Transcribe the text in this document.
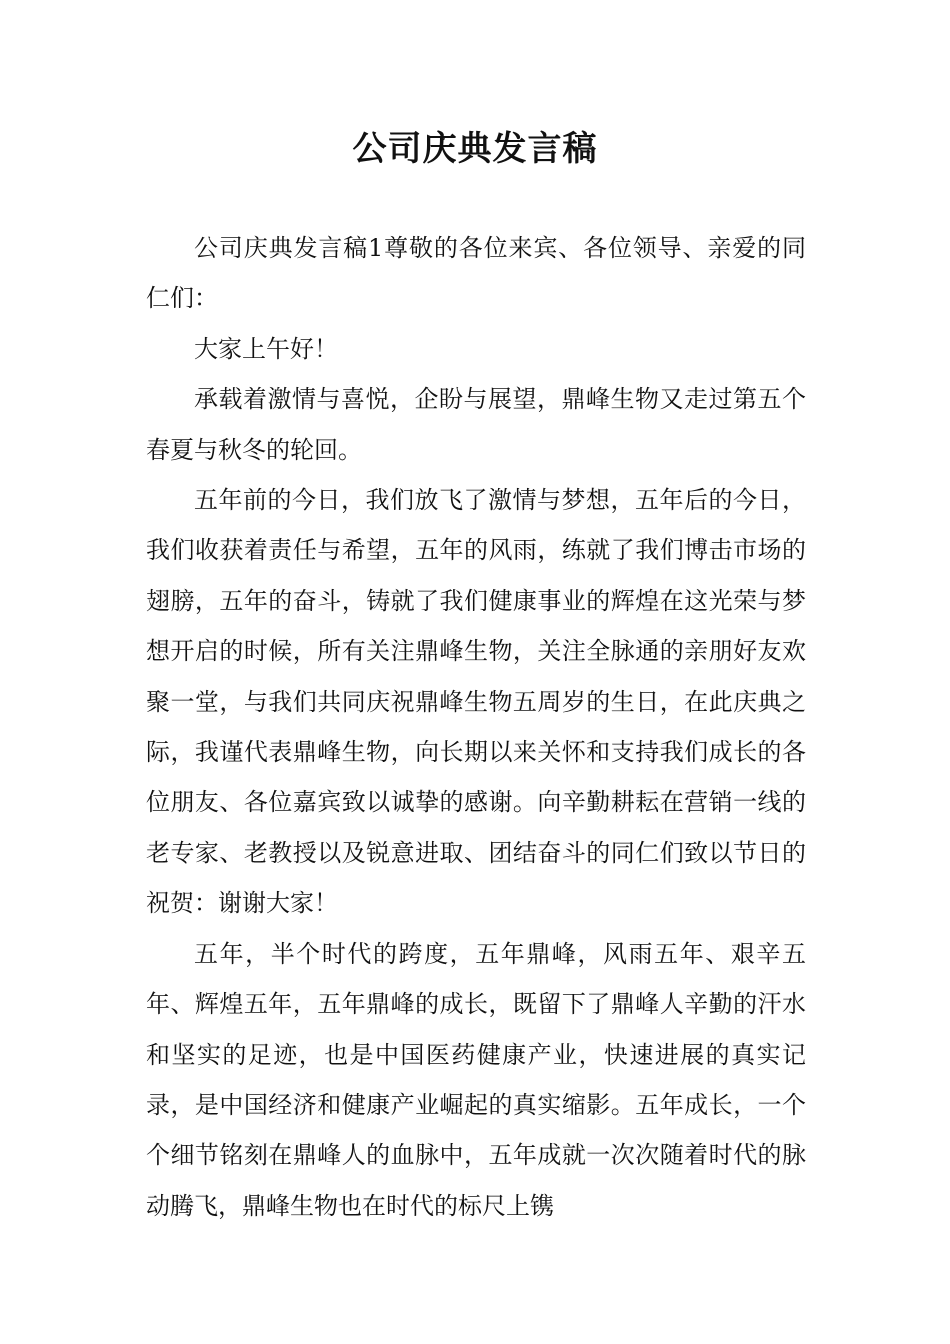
公司庆典发言稿

公司庆典发言稿1尊敬的各位来宾、各位领导、亲爱的同仁们：

大家上午好！

承载着激情与喜悦，企盼与展望，鼎峰生物又走过第五个春夏与秋冬的轮回。

五年前的今日，我们放飞了激情与梦想，五年后的今日，我们收获着责任与希望，五年的风雨，练就了我们博击市场的翅膀，五年的奋斗，铸就了我们健康事业的辉煌在这光荣与梦想开启的时候，所有关注鼎峰生物，关注全脉通的亲朋好友欢聚一堂，与我们共同庆祝鼎峰生物五周岁的生日，在此庆典之际，我谨代表鼎峰生物，向长期以来关怀和支持我们成长的各位朋友、各位嘉宾致以诚挚的感谢。向辛勤耕耘在营销一线的老专家、老教授以及锐意进取、团结奋斗的同仁们致以节日的祝贺：谢谢大家！

五年，半个时代的跨度，五年鼎峰，风雨五年、艰辛五年、辉煌五年，五年鼎峰的成长，既留下了鼎峰人辛勤的汗水和坚实的足迹，也是中国医药健康产业，快速进展的真实记录，是中国经济和健康产业崛起的真实缩影。五年成长，一个个细节铭刻在鼎峰人的血脉中，五年成就一次次随着时代的脉动腾飞，鼎峰生物也在时代的标尺上镌
